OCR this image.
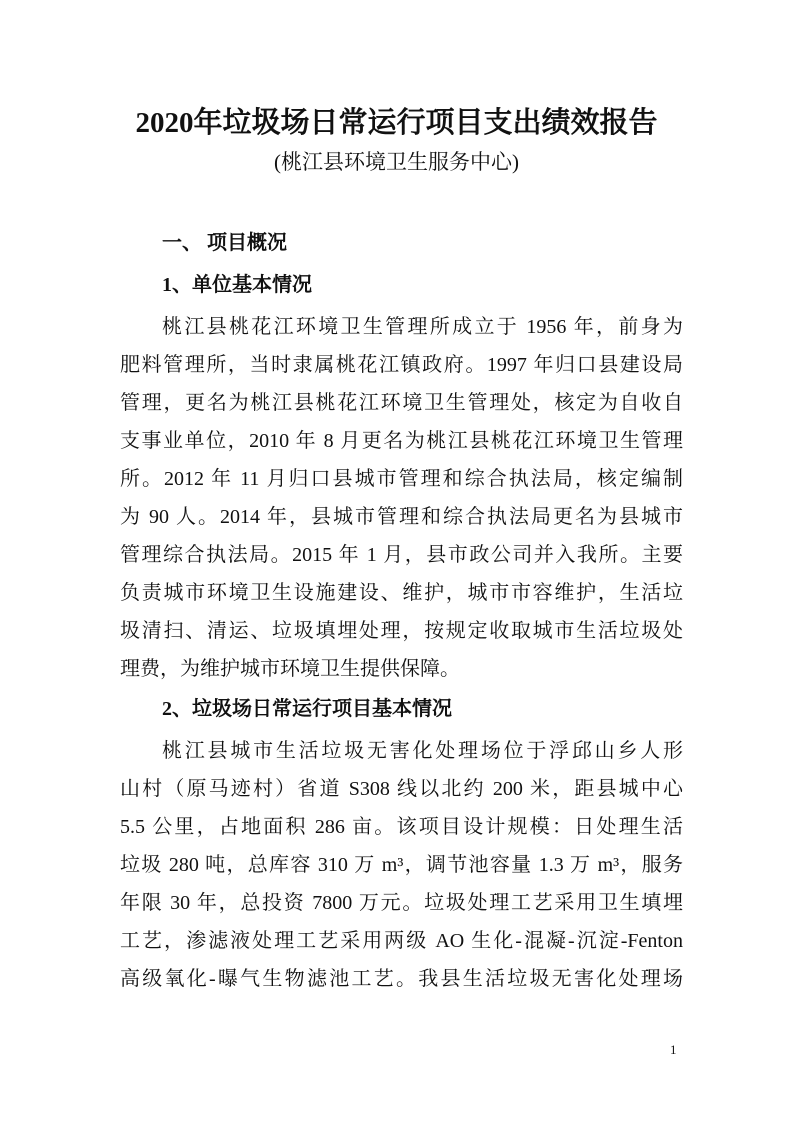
2020年垃圾场日常运行项目支出绩效报告
(桃江县环境卫生服务中心)
一、 项目概况
1、单位基本情况
桃江县桃花江环境卫生管理所成立于 1956 年，前身为
肥料管理所，当时隶属桃花江镇政府。1997 年归口县建设局
管理，更名为桃江县桃花江环境卫生管理处，核定为自收自
支事业单位，2010 年 8 月更名为桃江县桃花江环境卫生管理
所。2012 年 11 月归口县城市管理和综合执法局，核定编制
为 90 人。2014 年，县城市管理和综合执法局更名为县城市
管理综合执法局。2015 年 1 月，县市政公司并入我所。主要
负责城市环境卫生设施建设、维护，城市市容维护，生活垃
圾清扫、清运、垃圾填埋处理，按规定收取城市生活垃圾处
理费，为维护城市环境卫生提供保障。
2、垃圾场日常运行项目基本情况
桃江县城市生活垃圾无害化处理场位于浮邱山乡人形
山村（原马迹村）省道 S308 线以北约 200 米，距县城中心
5.5 公里，占地面积 286 亩。该项目设计规模：日处理生活
垃圾 280 吨，总库容 310 万 m³，调节池容量 1.3 万 m³，服务
年限 30 年，总投资 7800 万元。垃圾处理工艺采用卫生填埋
工艺，渗滤液处理工艺采用两级 AO 生化-混凝-沉淀-Fenton
高级氧化-曝气生物滤池工艺。我县生活垃圾无害化处理场
1
